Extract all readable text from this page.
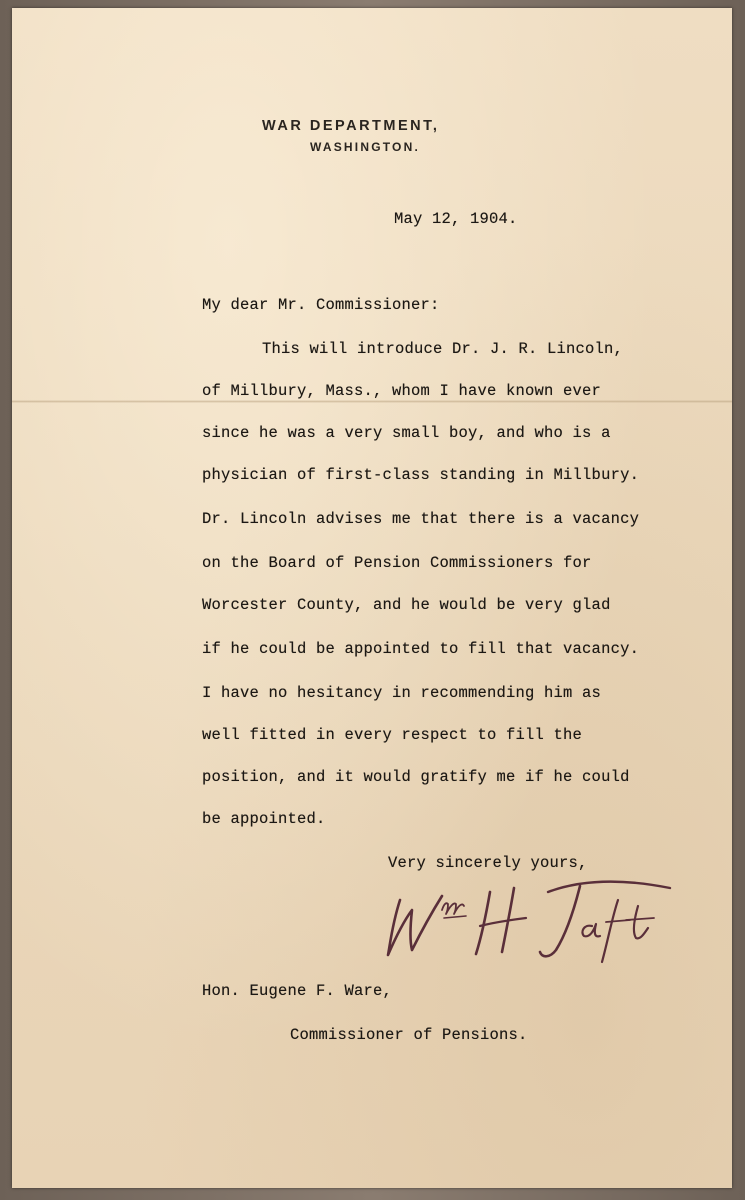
WAR DEPARTMENT,
WASHINGTON.
May 12, 1904.
My dear Mr. Commissioner:
This will introduce Dr. J. R. Lincoln,
of Millbury, Mass., whom I have known ever
since he was a very small boy, and who is a
physician of first-class standing in Millbury.
Dr. Lincoln advises me that there is a vacancy
on the Board of Pension Commissioners for
Worcester County, and he would be very glad
if he could be appointed to fill that vacancy.
I have no hesitancy in recommending him as
well fitted in every respect to fill the
position, and it would gratify me if he could
be appointed.
Very sincerely yours,
Hon. Eugene F. Ware,
Commissioner of Pensions.
